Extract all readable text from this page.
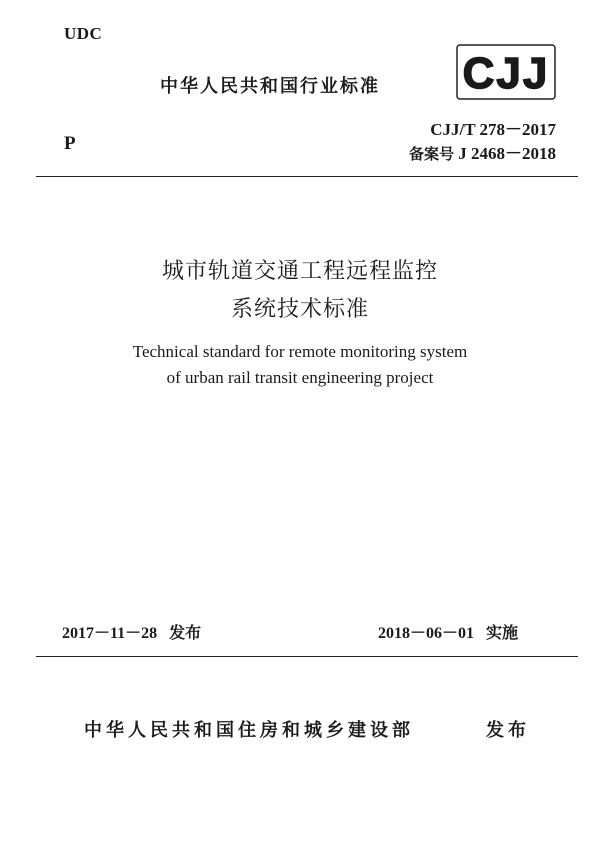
UDC
中华人民共和国行业标准 CJJ
P
CJJ/T 278－2017
备案号 J 2468－2018
城市轨道交通工程远程监控
系统技术标准
Technical standard for remote monitoring system
of urban rail transit engineering project
2017－11－28 发布	2018－06－01 实施
中华人民共和国住房和城乡建设部	发布
